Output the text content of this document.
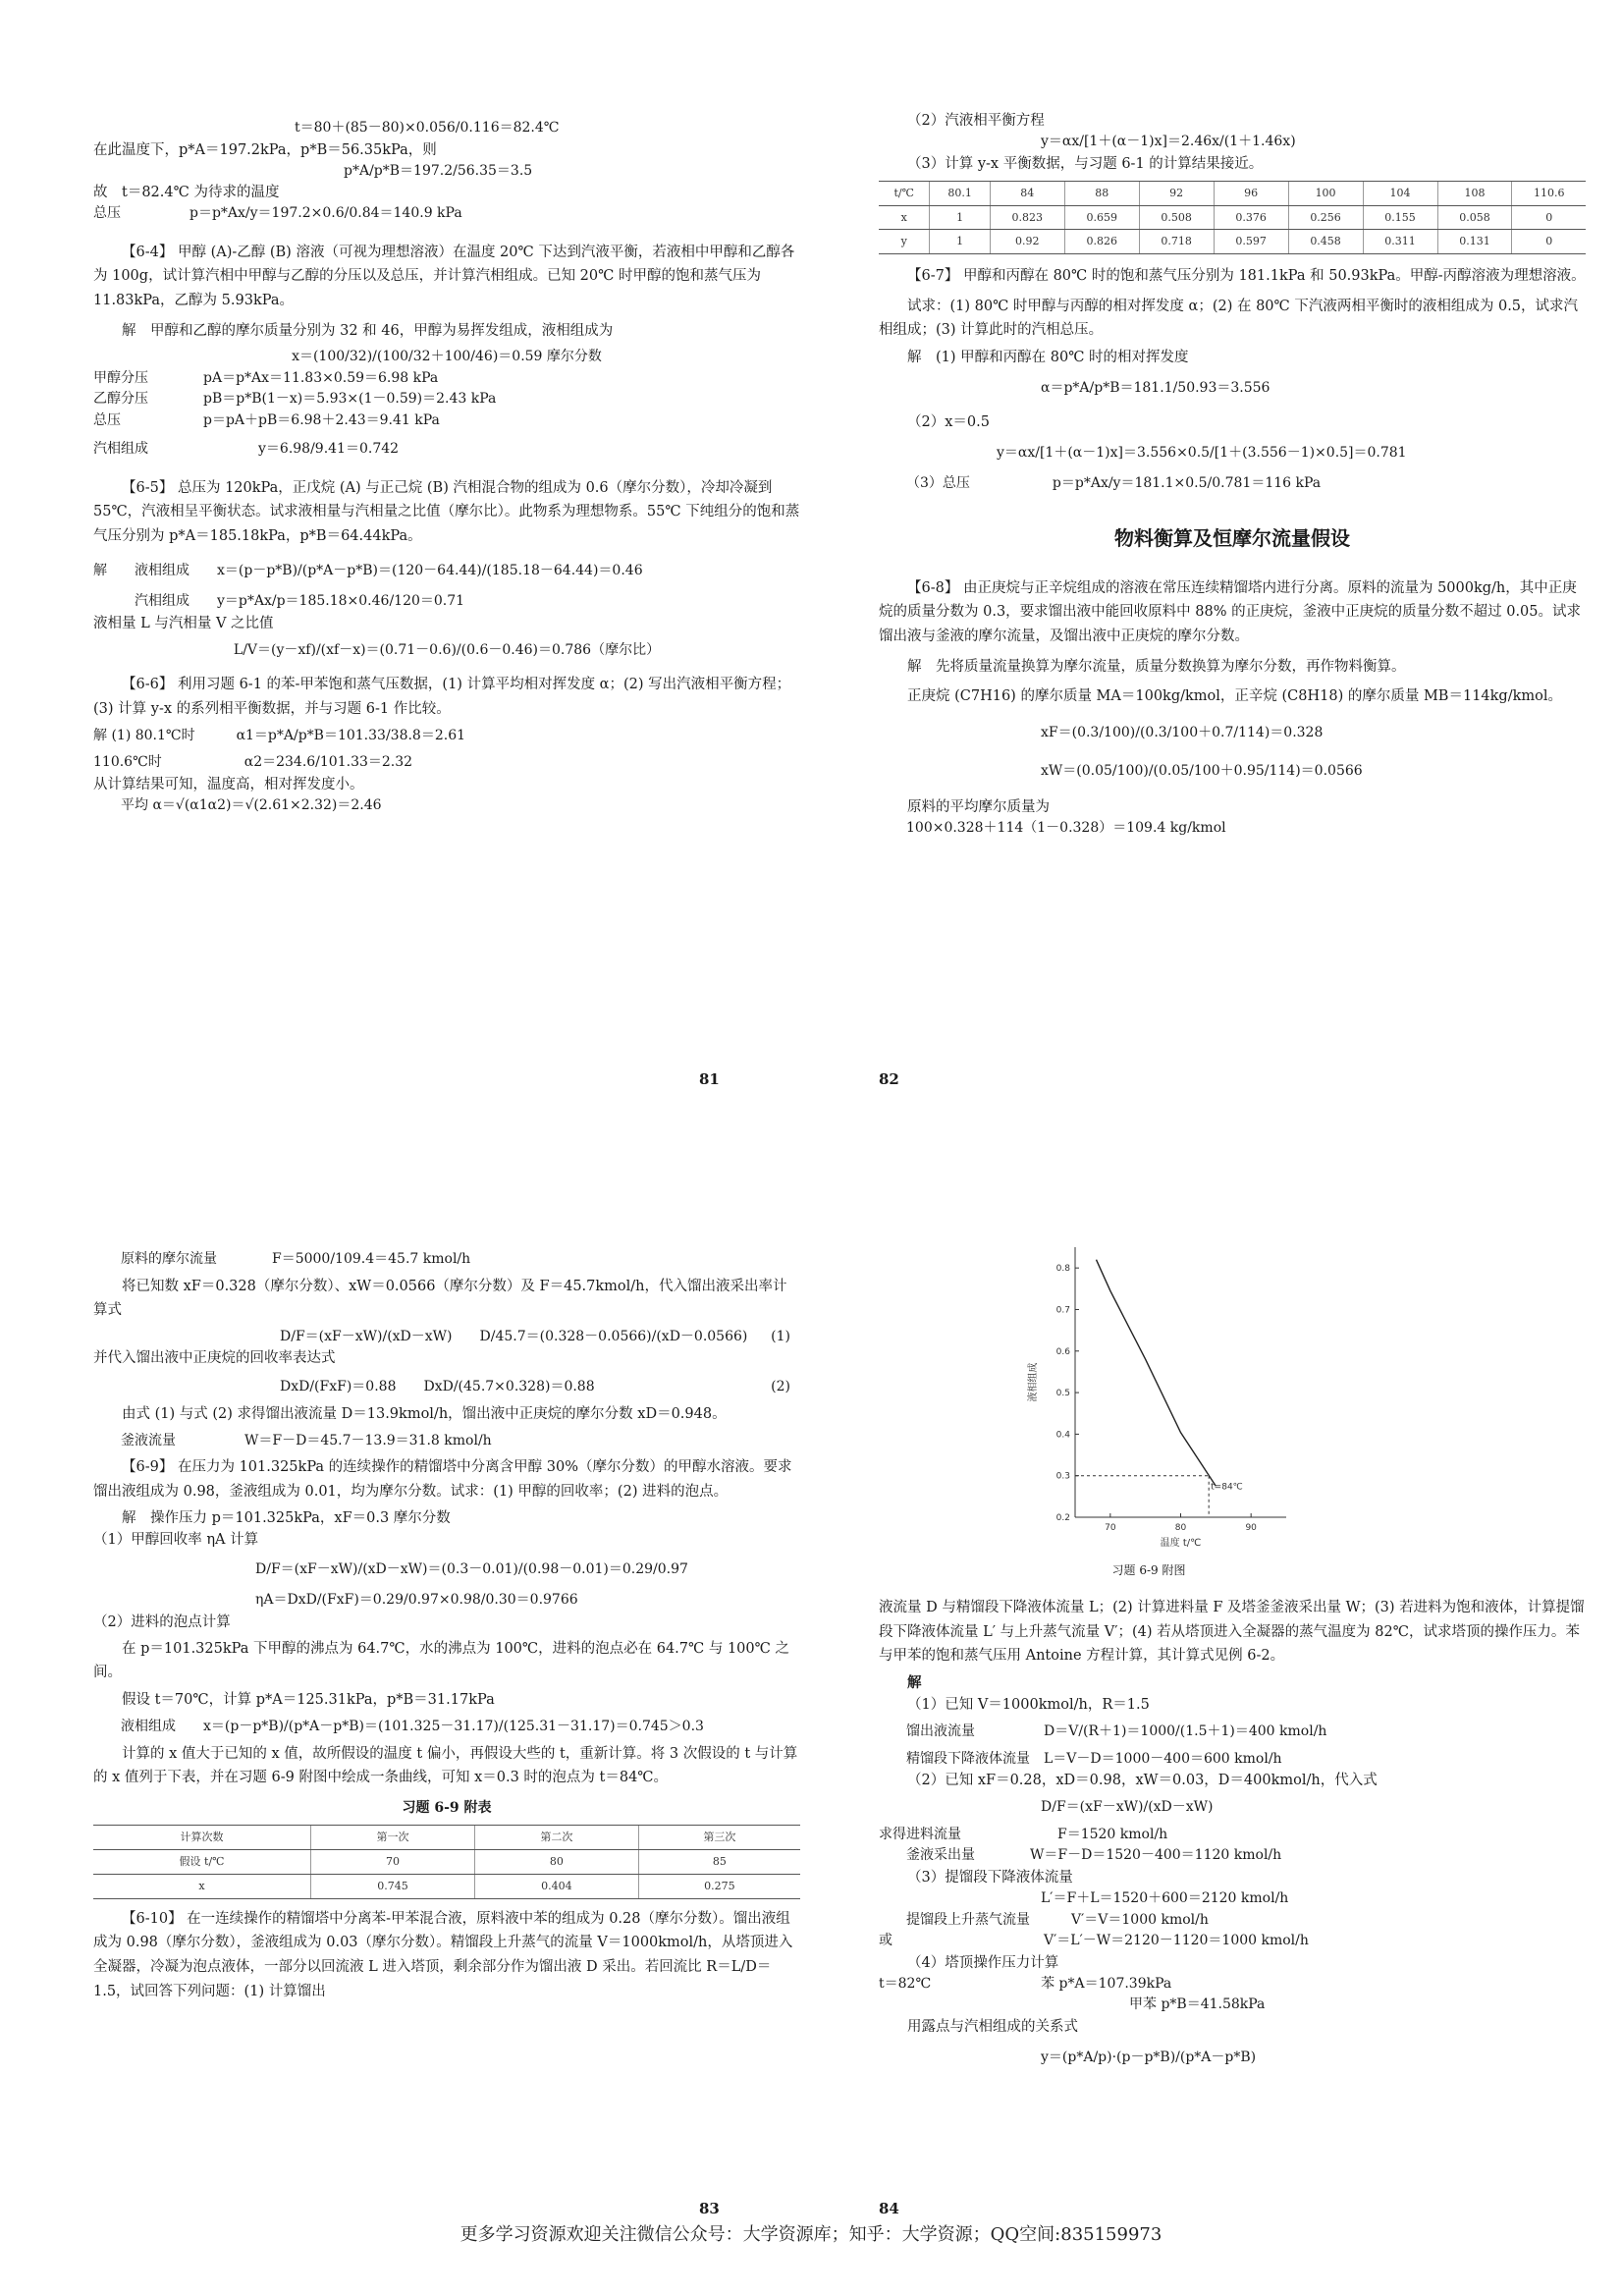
t＝80＋(85－80)×0.056/0.116＝82.4℃
在此温度下，p*A＝197.2kPa，p*B＝56.35kPa，则
p*A/p*B＝197.2/56.35＝3.5
故　t＝82.4℃ 为待求的温度
总压　　　　　p＝p*Ax/y＝197.2×0.6/0.84＝140.9 kPa
【6-4】 甲醇 (A)-乙醇 (B) 溶液（可视为理想溶液）在温度 20℃ 下达到汽液平衡，若液相中甲醇和乙醇各为 100g，试计算汽相中甲醇与乙醇的分压以及总压，并计算汽相组成。已知 20℃ 时甲醇的饱和蒸气压为 11.83kPa，乙醇为 5.93kPa。
解　甲醇和乙醇的摩尔质量分别为 32 和 46，甲醇为易挥发组成，液相组成为
x＝(100/32)/(100/32＋100/46)＝0.59 摩尔分数
甲醇分压　　　　pA＝p*Ax＝11.83×0.59＝6.98 kPa
乙醇分压　　　　pB＝p*B(1－x)＝5.93×(1－0.59)＝2.43 kPa
总压　　　　　　p＝pA＋pB＝6.98＋2.43＝9.41 kPa
汽相组成　　　　　　　　y＝6.98/9.41＝0.742
【6-5】 总压为 120kPa，正戊烷 (A) 与正己烷 (B) 汽相混合物的组成为 0.6（摩尔分数），冷却冷凝到 55℃，汽液相呈平衡状态。试求液相量与汽相量之比值（摩尔比）。此物系为理想物系。55℃ 下纯组分的饱和蒸气压分别为 p*A＝185.18kPa，p*B＝64.44kPa。
解　　液相组成　　x＝(p－p*B)/(p*A－p*B)＝(120－64.44)/(185.18－64.44)＝0.46
　　　汽相组成　　y＝p*Ax/p＝185.18×0.46/120＝0.71
液相量 L 与汽相量 V 之比值
L/V＝(y－xf)/(xf－x)＝(0.71－0.6)/(0.6－0.46)＝0.786（摩尔比）
【6-6】 利用习题 6-1 的苯-甲苯饱和蒸气压数据，(1) 计算平均相对挥发度 α；(2) 写出汽液相平衡方程；(3) 计算 y-x 的系列相平衡数据，并与习题 6-1 作比较。
解 (1) 80.1℃时　　　α1＝p*A/p*B＝101.33/38.8＝2.61
110.6℃时　　　　　　α2＝234.6/101.33＝2.32
从计算结果可知，温度高，相对挥发度小。
平均 α＝√(α1α2)＝√(2.61×2.32)＝2.46
81
（2）汽液相平衡方程
y＝αx/[1＋(α－1)x]＝2.46x/(1＋1.46x)
（3）计算 y-x 平衡数据，与习题 6-1 的计算结果接近。
t/℃	80.1	84	88	92	96	100	104	108	110.6
x	1	0.823	0.659	0.508	0.376	0.256	0.155	0.058	0
y	1	0.92	0.826	0.718	0.597	0.458	0.311	0.131	0
【6-7】 甲醇和丙醇在 80℃ 时的饱和蒸气压分别为 181.1kPa 和 50.93kPa。甲醇-丙醇溶液为理想溶液。
试求：(1) 80℃ 时甲醇与丙醇的相对挥发度 α；(2) 在 80℃ 下汽液两相平衡时的液相组成为 0.5，试求汽相组成；(3) 计算此时的汽相总压。
解　(1) 甲醇和丙醇在 80℃ 时的相对挥发度
α＝p*A/p*B＝181.1/50.93＝3.556
（2）x＝0.5
y＝αx/[1＋(α－1)x]＝3.556×0.5/[1＋(3.556－1)×0.5]＝0.781
（3）总压　　　　　　p＝p*Ax/y＝181.1×0.5/0.781＝116 kPa
物料衡算及恒摩尔流量假设
【6-8】 由正庚烷与正辛烷组成的溶液在常压连续精馏塔内进行分离。原料的流量为 5000kg/h，其中正庚烷的质量分数为 0.3，要求馏出液中能回收原料中 88% 的正庚烷，釜液中正庚烷的质量分数不超过 0.05。试求馏出液与釜液的摩尔流量，及馏出液中正庚烷的摩尔分数。
解　先将质量流量换算为摩尔流量，质量分数换算为摩尔分数，再作物料衡算。
正庚烷 (C7H16) 的摩尔质量 MA＝100kg/kmol，正辛烷 (C8H18) 的摩尔质量 MB＝114kg/kmol。
xF＝(0.3/100)/(0.3/100＋0.7/114)＝0.328
xW＝(0.05/100)/(0.05/100＋0.95/114)＝0.0566
原料的平均摩尔质量为
100×0.328＋114（1－0.328）＝109.4 kg/kmol
82
原料的摩尔流量　　　　F＝5000/109.4＝45.7 kmol/h
将已知数 xF＝0.328（摩尔分数）、xW＝0.0566（摩尔分数）及 F＝45.7kmol/h，代入馏出液采出率计算式
D/F＝(xF－xW)/(xD－xW)　　D/45.7＝(0.328－0.0566)/(xD－0.0566) (1)
并代入馏出液中正庚烷的回收率表达式
DxD/(FxF)＝0.88　　DxD/(45.7×0.328)＝0.88	(2)
由式 (1) 与式 (2) 求得馏出液流量 D＝13.9kmol/h，馏出液中正庚烷的摩尔分数 xD＝0.948。
釜液流量　　　　　W＝F－D＝45.7－13.9＝31.8 kmol/h
【6-9】 在压力为 101.325kPa 的连续操作的精馏塔中分离含甲醇 30%（摩尔分数）的甲醇水溶液。要求馏出液组成为 0.98，釜液组成为 0.01，均为摩尔分数。试求：(1) 甲醇的回收率；(2) 进料的泡点。
解　操作压力 p＝101.325kPa，xF＝0.3 摩尔分数
（1）甲醇回收率 ηA 计算
D/F＝(xF－xW)/(xD－xW)＝(0.3－0.01)/(0.98－0.01)＝0.29/0.97
ηA＝DxD/(FxF)＝0.29/0.97×0.98/0.30＝0.9766
（2）进料的泡点计算
在 p＝101.325kPa 下甲醇的沸点为 64.7℃，水的沸点为 100℃，进料的泡点必在 64.7℃ 与 100℃ 之间。
假设 t＝70℃，计算 p*A＝125.31kPa，p*B＝31.17kPa
液相组成　　x＝(p－p*B)/(p*A－p*B)＝(101.325－31.17)/(125.31－31.17)＝0.745＞0.3
计算的 x 值大于已知的 x 值，故所假设的温度 t 偏小，再假设大些的 t，重新计算。将 3 次假设的 t 与计算的 x 值列于下表，并在习题 6-9 附图中绘成一条曲线，可知 x＝0.3 时的泡点为 t＝84℃。
习题 6-9 附表
计算次数	第一次	第二次	第三次
假设 t/℃	70	80	85
x	0.745	0.404	0.275
【6-10】 在一连续操作的精馏塔中分离苯-甲苯混合液，原料液中苯的组成为 0.28（摩尔分数）。馏出液组成为 0.98（摩尔分数），釜液组成为 0.03（摩尔分数）。精馏段上升蒸气的流量 V＝1000kmol/h，从塔顶进入全凝器，冷凝为泡点液体，一部分以回流液 L 进入塔顶，剩余部分作为馏出液 D 采出。若回流比 R＝L/D＝1.5，试回答下列问题：(1) 计算馏出
83
0.2
0.3
0.4
0.5
0.6
0.7
0.8
70	80	90
温度 t/℃
液相组成
t=84℃
习题 6-9 附图
液流量 D 与精馏段下降液体流量 L；(2) 计算进料量 F 及塔釜釜液采出量 W；(3) 若进料为饱和液体，计算提馏段下降液体流量 L′ 与上升蒸气流量 V′；(4) 若从塔顶进入全凝器的蒸气温度为 82℃，试求塔顶的操作压力。苯与甲苯的饱和蒸气压用 Antoine 方程计算，其计算式见例 6-2。
解
（1）已知 V＝1000kmol/h，R＝1.5
馏出液流量　　　　　D＝V/(R＋1)＝1000/(1.5＋1)＝400 kmol/h
精馏段下降液体流量　L＝V－D＝1000－400＝600 kmol/h
（2）已知 xF＝0.28，xD＝0.98，xW＝0.03，D＝400kmol/h，代入式
D/F＝(xF－xW)/(xD－xW)
求得进料流量　　　　　　　F＝1520 kmol/h
釜液采出量　　　　W＝F－D＝1520－400＝1120 kmol/h
（3）提馏段下降液体流量
L′＝F＋L＝1520＋600＝2120 kmol/h
提馏段上升蒸气流量　　　V′＝V＝1000 kmol/h
或　　　　　　　　　　　V′＝L′－W＝2120－1120＝1000 kmol/h
（4）塔顶操作压力计算
t＝82℃　　　　　　　　苯 p*A＝107.39kPa
甲苯 p*B＝41.58kPa
用露点与汽相组成的关系式
y＝(p*A/p)·(p－p*B)/(p*A－p*B)
84
更多学习资源欢迎关注微信公众号：大学资源库；知乎：大学资源；QQ空间:835159973
